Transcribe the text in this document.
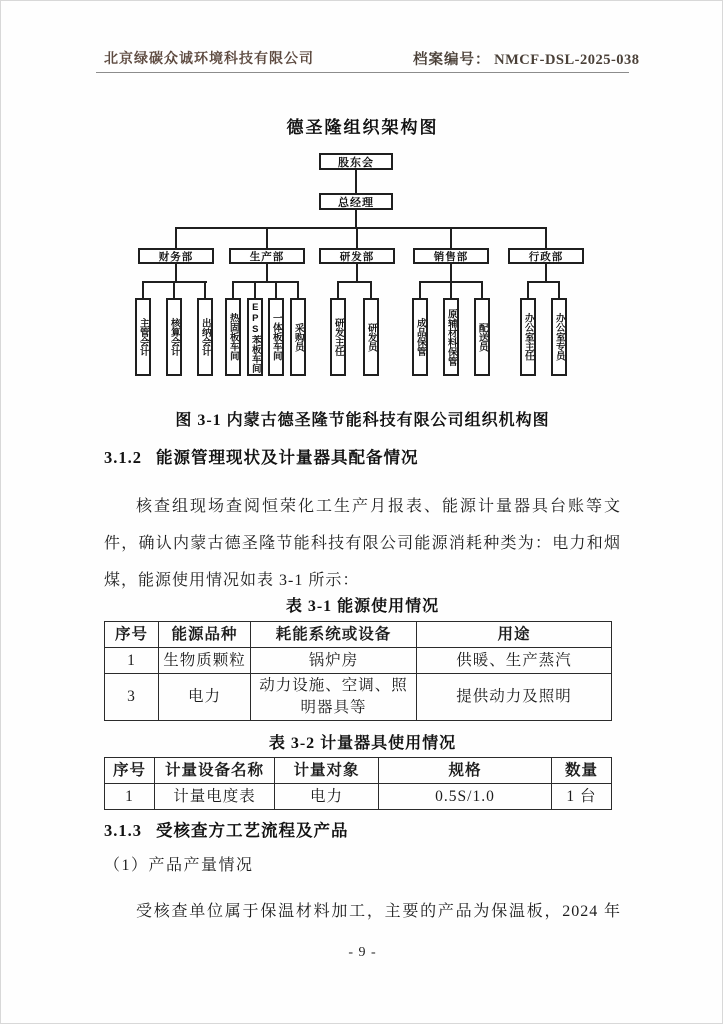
北京绿碳众诚环境科技有限公司	档案编号： NMCF-DSL-2025-038
德圣隆组织架构图
股东会
总经理
财务部	生产部	研发部	销售部	行政部
主管会计 核算会计 出纳会计 热固板车间 EPS苯板车间 一体板车间 采购员	研发主任 研发员	成品保管 原辅材料保管 配送员	办公室主任 办公室专员
图 3-1 内蒙古德圣隆节能科技有限公司组织机构图
3.1.2 能源管理现状及计量器具配备情况

核查组现场查阅恒荣化工生产月报表、能源计量器具台账等文件，确认内蒙古德圣隆节能科技有限公司能源消耗种类为：电力和烟煤，能源使用情况如表 3-1 所示：

表 3-1 能源使用情况
序号	能源品种	耗能系统或设备	用途
1	生物质颗粒	锅炉房	供暖、生产蒸汽
3	电力	动力设施、空调、照明器具等	提供动力及照明
表 3-2 计量器具使用情况
序号	计量设备名称	计量对象	规格	数量
1	计量电度表	电力	0.5S/1.0	1 台
3.1.3 受核查方工艺流程及产品
（1）产品产量情况

受核查单位属于保温材料加工，主要的产品为保温板，2024 年

- 9 -
